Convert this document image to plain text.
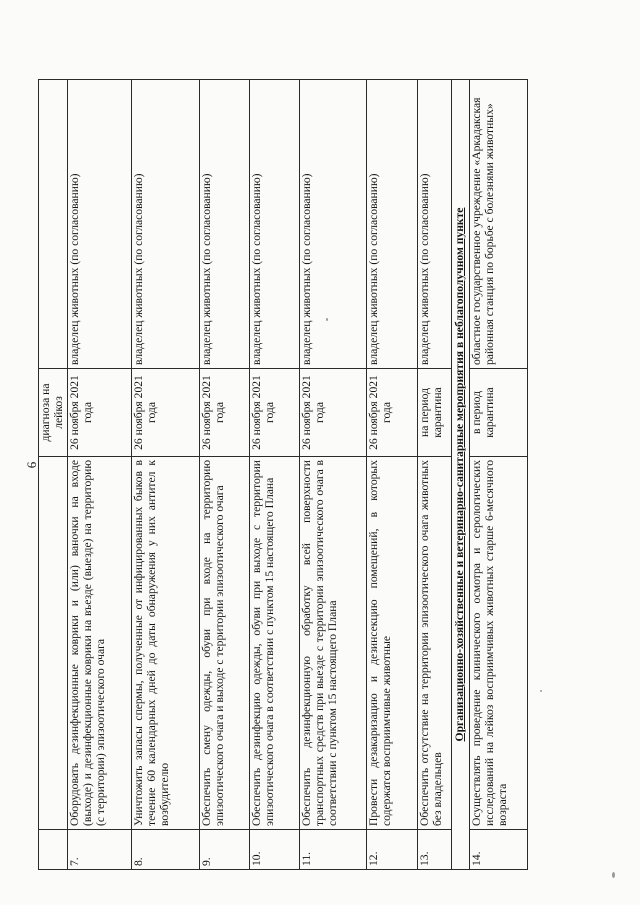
6
		диагноза на лейкоз	
7.	Оборудовать дезинфекционные коврики и (или) ваночки на входе (выходе) и дезинфекционные коврики на въезде (выезде) на территорию (с территории) эпизоотического очага	26 ноября 2021 года	владелец животных (по согласованию)
8.	Уничтожить запасы спермы, полученные от инфицированных быков в течение 60 календарных дней до даты обнаружения у них антител к возбудителю	26 ноября 2021 года	владелец животных (по согласованию)
9.	Обеспечить смену одежды, обуви при входе на территорию эпизоотического очага и выходе с территории эпизоотического очага	26 ноября 2021 года	владелец животных (по согласованию)
10.	Обеспечить дезинфекцию одежды, обуви при выходе с территории эпизоотического очага в соответствии с пунктом 15 настоящего Плана	26 ноября 2021 года	владелец животных (по согласованию)
11.	Обеспечить дезинфекционную обработку всей поверхности транспортных средств при выезде с территории эпизоотического очага в соответствии с пунктом 15 настоящего Плана	26 ноября 2021 года	владелец животных (по согласованию)
12.	Провести дезакаризацию и дезинсекцию помещений, в которых содержатся восприимчивые животные	26 ноября 2021 года	владелец животных (по согласованию)
13.	Обеспечить отсутствие на территории эпизоотического очага животных без владельцев	на период карантина	владелец животных (по согласованию)
Организационно-хозяйственные и ветеринарно-санитарные мероприятия в неблагополучном пункте			
14.	Осуществлять проведение клинического осмотра и серологических исследований на лейкоз восприимчивых животных старше 6-месячного возраста	в период карантина	областное государственное учреждение «Аркадакская районная станция по борьбе с болезнями животных»
